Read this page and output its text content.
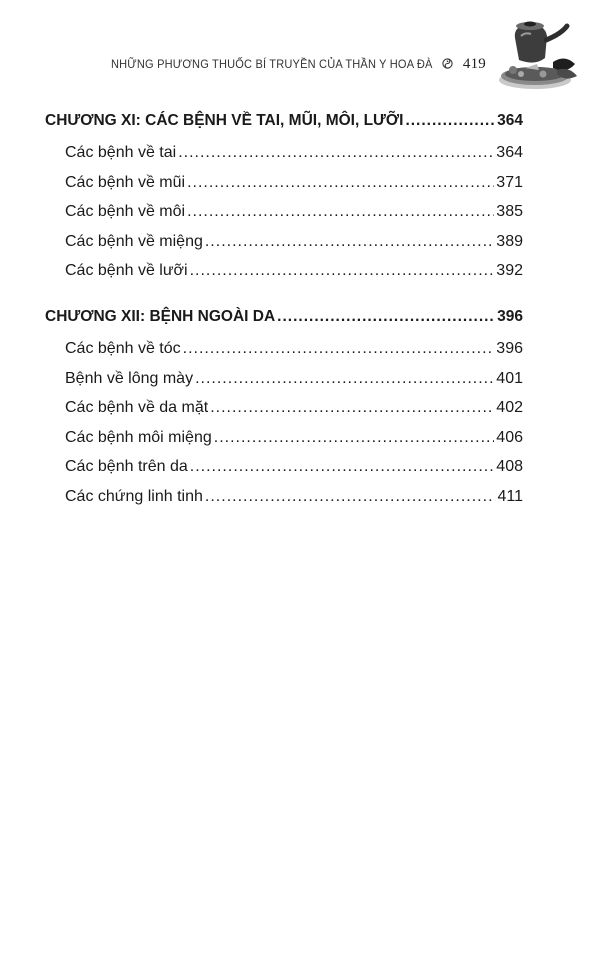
NHỮNG PHƯƠNG THUỐC BÍ TRUYỀN CỦA THẦN Y HOA ĐÀ 419
CHƯƠNG XI: CÁC BỆNH VỀ TAI, MŨI, MÔI, LƯỠI .....	364
Các bệnh về tai .....	364
Các bệnh về mũi .....	371
Các bệnh về môi .....	385
Các bệnh về miệng .....	389
Các bệnh về lưỡi .....	392
CHƯƠNG XII: BỆNH NGOÀI DA .....	396
Các bệnh về tóc .....	396
Bệnh về lông mày .....	401
Các bệnh về da mặt .....	402
Các bệnh môi miệng .....	406
Các bệnh trên da .....	408
Các chứng linh tinh .....	411
